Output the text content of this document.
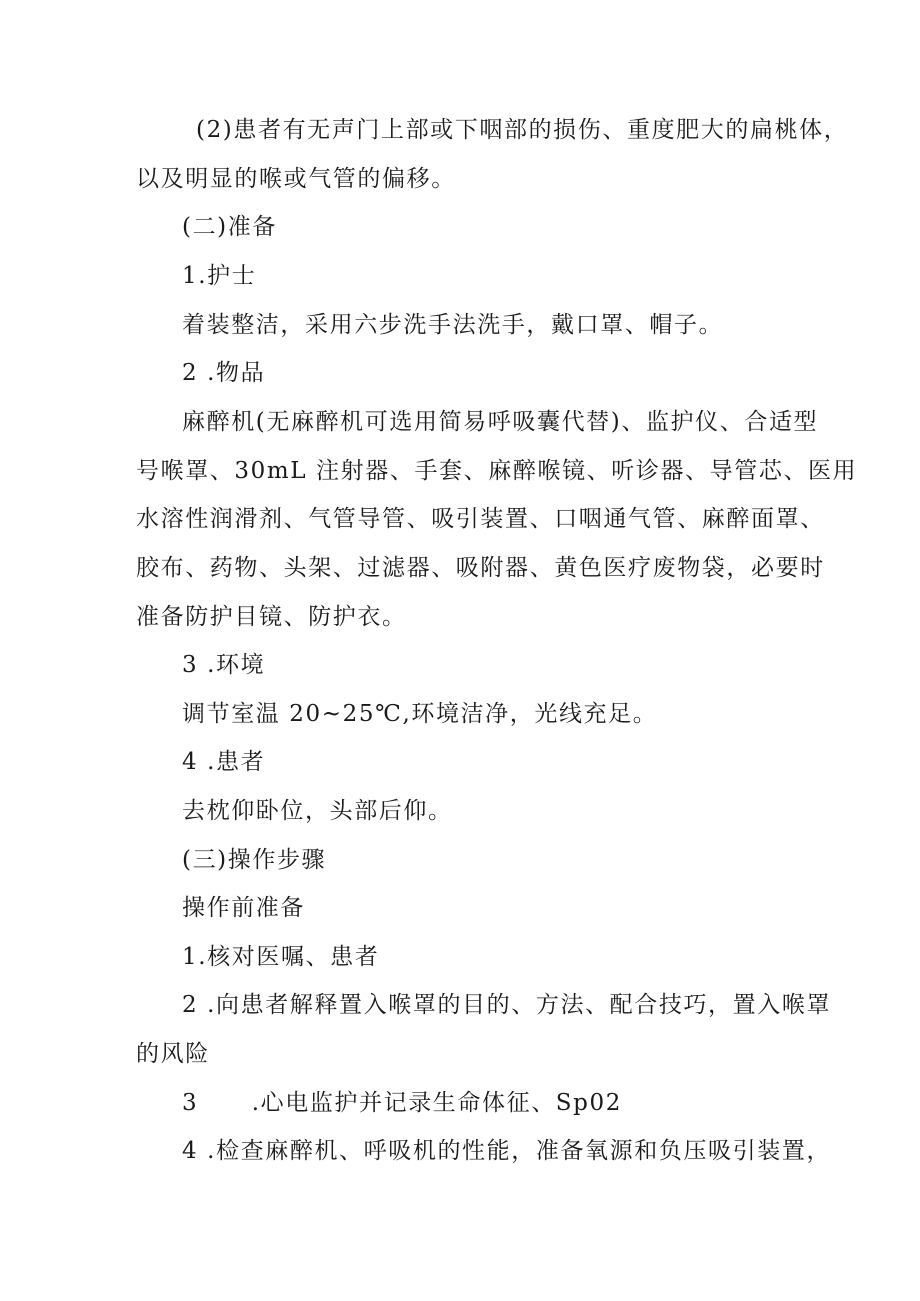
(2)患者有无声门上部或下咽部的损伤、重度肥大的扁桃体，
以及明显的喉或气管的偏移。
(二)准备
1.护士
着装整洁，采用六步洗手法洗手，戴口罩、帽子。
2 .物品
麻醉机(无麻醉机可选用简易呼吸囊代替)、监护仪、合适型
号喉罩、30mL 注射器、手套、麻醉喉镜、听诊器、导管芯、医用
水溶性润滑剂、气管导管、吸引装置、口咽通气管、麻醉面罩、
胶布、药物、头架、过滤器、吸附器、黄色医疗废物袋，必要时
准备防护目镜、防护衣。
3 .环境
调节室温 20~25℃,环境洁净，光线充足。
4 .患者
去枕仰卧位，头部后仰。
(三)操作步骤
操作前准备
1.核对医嘱、患者
2 .向患者解释置入喉罩的目的、方法、配合技巧，置入喉罩
的风险
3      .心电监护并记录生命体征、Sp02
4 .检查麻醉机、呼吸机的性能，准备氧源和负压吸引装置，
